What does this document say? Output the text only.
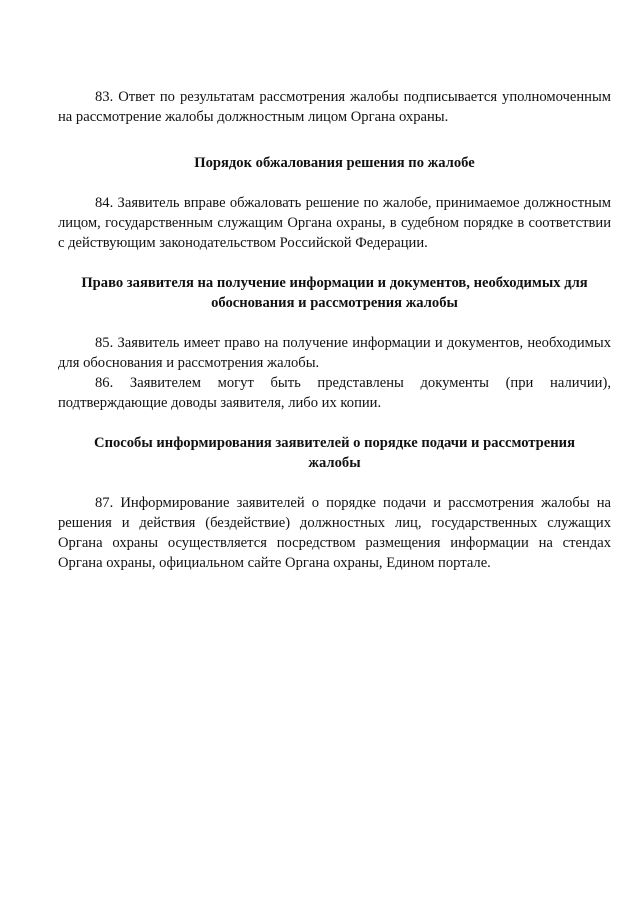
83. Ответ по результатам рассмотрения жалобы подписывается уполномоченным на рассмотрение жалобы должностным лицом Органа охраны.

Порядок обжалования решения по жалобе

84. Заявитель вправе обжаловать решение по жалобе, принимаемое должностным лицом, государственным служащим Органа охраны, в судебном порядке в соответствии с действующим законодательством Российской Федерации.

Право заявителя на получение информации и документов, необходимых для обоснования и рассмотрения жалобы

85. Заявитель имеет право на получение информации и документов, необходимых для обоснования и рассмотрения жалобы.

86. Заявителем могут быть представлены документы (при наличии), подтверждающие доводы заявителя, либо их копии.

Способы информирования заявителей о порядке подачи и рассмотрения жалобы

87. Информирование заявителей о порядке подачи и рассмотрения жалобы на решения и действия (бездействие) должностных лиц, государственных служащих Органа охраны осуществляется посредством размещения информации на стендах Органа охраны, официальном сайте Органа охраны, Едином портале.
